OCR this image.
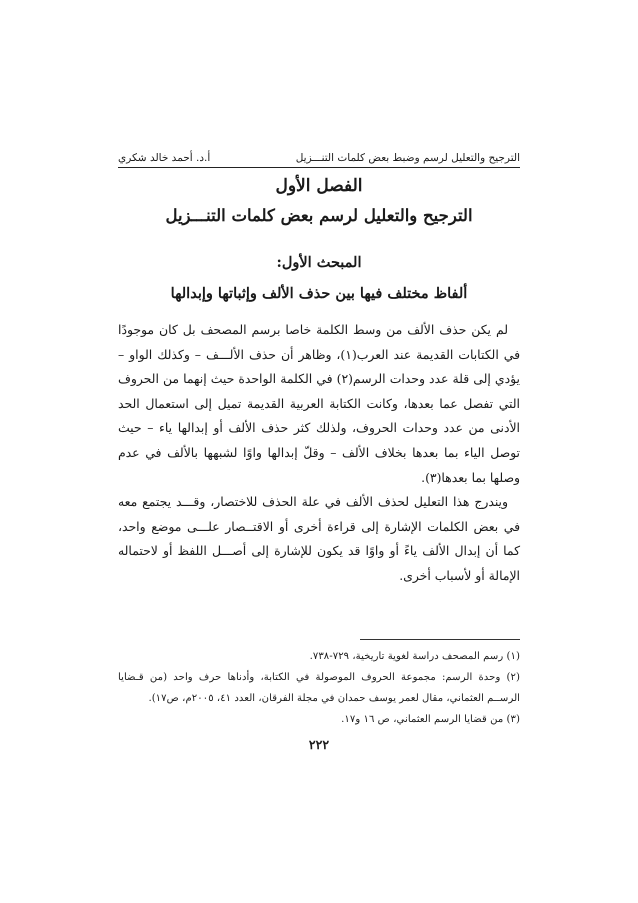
الترجيح والتعليل لرسم وضبط بعض كلمات التنـــزيل
أ.د. أحمد خالد شكري
الفصل الأول
الترجيح والتعليل لرسم بعض كلمات التنـــزيل
المبحث الأول:
ألفاظ مختلف فيها بين حذف الألف وإثباتها وإبدالها

لم يكن حذف الألف من وسط الكلمة خاصا برسم المصحف بل كان موجودًا في الكتابات القديمة عند العرب(١)، وظاهر أن حذف الألـــف – وكذلك الواو – يؤدي إلى قلة عدد وحدات الرسم(٢) في الكلمة الواحدة حيث إنهما من الحروف التي تفصل عما بعدها، وكانت الكتابة العربية القديمة تميل إلى استعمال الحد الأدنى من عدد وحدات الحروف، ولذلك كثر حذف الألف أو إبدالها ياء – حيث توصل الياء بما بعدها بخلاف الألف – وقلّ إبدالها واوًا لشبهها بالألف في عدم وصلها بما بعدها(٣).

ويندرج هذا التعليل لحذف الألف في علة الحذف للاختصار، وقـــد يجتمع معه في بعض الكلمات الإشارة إلى قراءة أخرى أو الاقتــصار علـــى موضع واحد، كما أن إبدال الألف ياءً أو واوًا قد يكون للإشارة إلى أصـــل اللفظ أو لاحتماله الإمالة أو لأسباب أخرى.

(١) رسم المصحف دراسة لغوية تاريخية، ٧٢٩-٧٣٨.

(٢) وحدة الرسم: مجموعة الحروف الموصولة في الكتابة، وأدناها حرف واحد (من قـضايا الرســم العثماني، مقال لعمر يوسف حمدان في مجلة الفرقان، العدد ٤١، ٢٠٠٥م، ص١٧).

(٣) من قضايا الرسم العثماني، ص ١٦ و١٧.

٢٢٢
